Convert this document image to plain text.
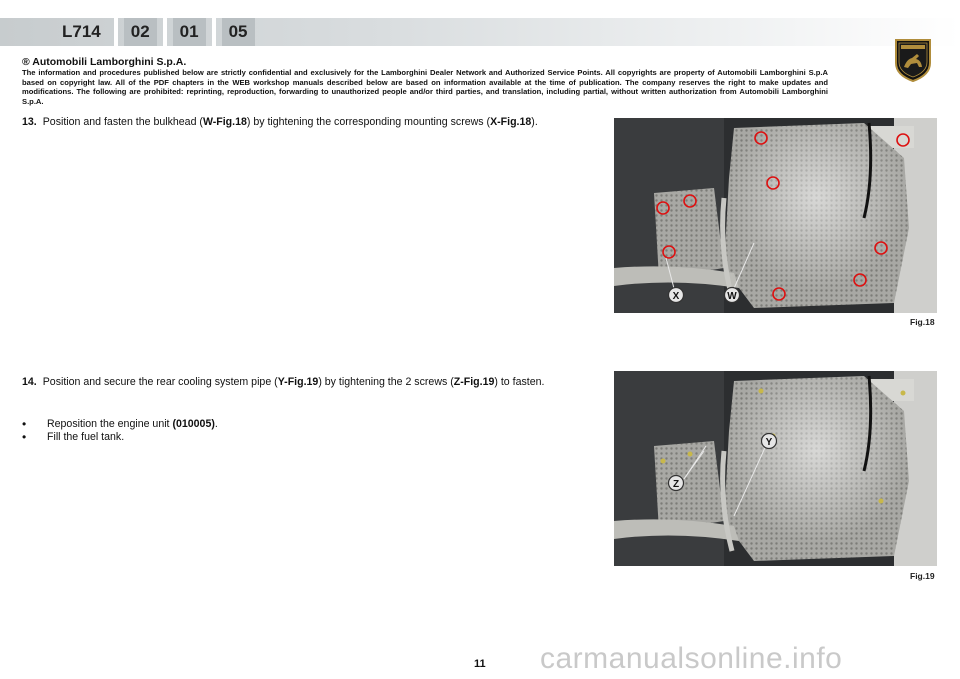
L714	02	01	05
® Automobili Lamborghini S.p.A.
The information and procedures published below are strictly confidential and exclusively for the Lamborghini Dealer Network and Authorized Service Points. All copyrights are property of Automobili Lamborghini S.p.A based on copyright law. All of the PDF chapters in the WEB workshop manuals described below are based on information available at the time of publication. The company reserves the right to make updates and modifications. The following are prohibited: reprinting, reproduction, forwarding to unauthorized people and/or third parties, and translation, including partial, without written authorization from Automobili Lamborghini S.p.A.
13. Position and fasten the bulkhead (W-Fig.18) by tightening the corresponding mounting screws (X-Fig.18).
14. Position and secure the rear cooling system pipe (Y-Fig.19) by tightening the 2 screws (Z-Fig.19) to fasten.
•	Reposition the engine unit (010005).
•	Fill the fuel tank.
X	W
Fig.18
Y
Z
Fig.19
11 carmanualsonline.info
